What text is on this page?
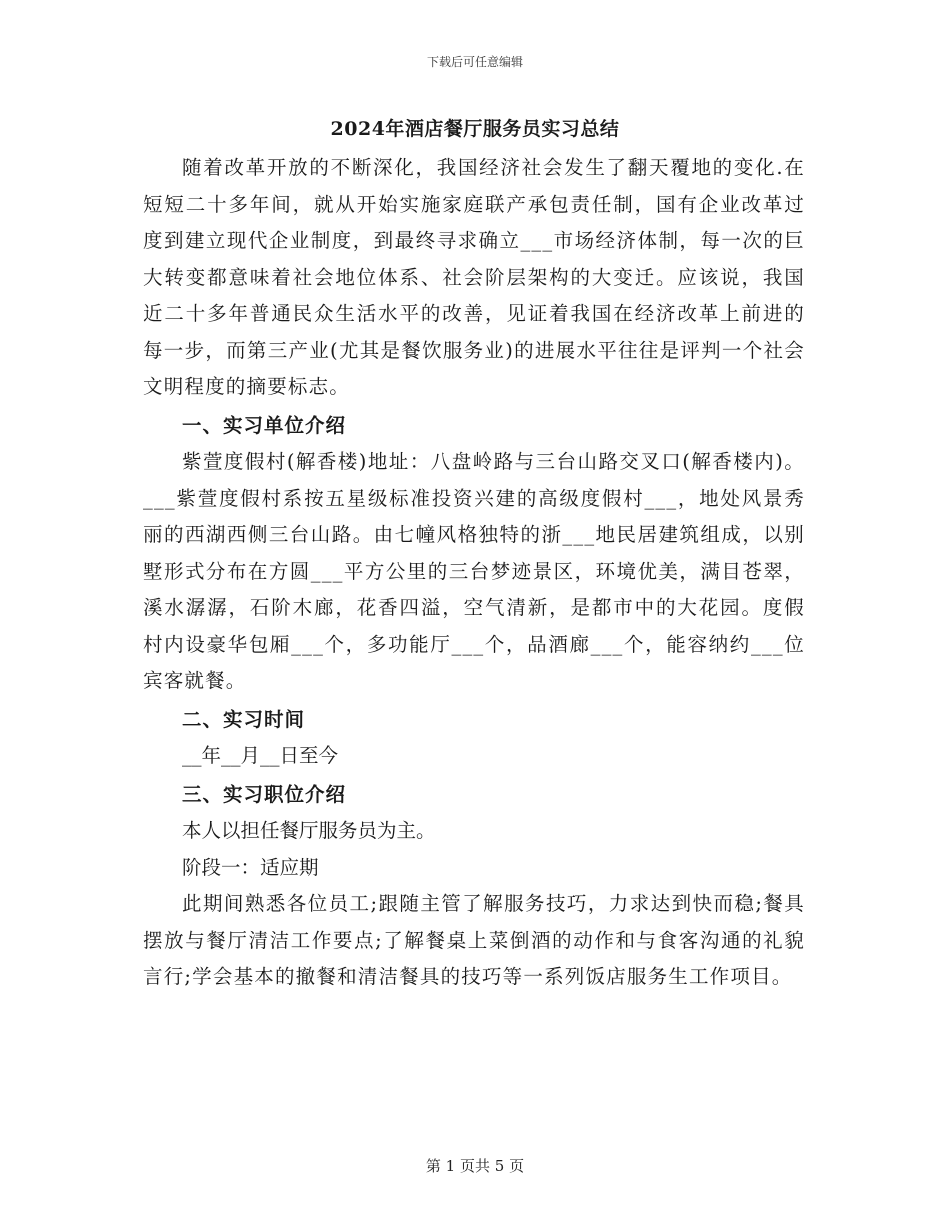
下载后可任意编辑
2024年酒店餐厅服务员实习总结

随着改革开放的不断深化，我国经济社会发生了翻天覆地的变化.在短短二十多年间，就从开始实施家庭联产承包责任制，国有企业改革过度到建立现代企业制度，到最终寻求确立___市场经济体制，每一次的巨大转变都意味着社会地位体系、社会阶层架构的大变迁。应该说，我国近二十多年普通民众生活水平的改善，见证着我国在经济改革上前进的每一步，而第三产业(尤其是餐饮服务业)的进展水平往往是评判一个社会文明程度的摘要标志。

一、实习单位介绍

紫萱度假村(解香楼)地址：八盘岭路与三台山路交叉口(解香楼内)。___紫萱度假村系按五星级标准投资兴建的高级度假村___，地处风景秀丽的西湖西侧三台山路。由七幢风格独特的浙___地民居建筑组成，以别墅形式分布在方圆___平方公里的三台梦迹景区，环境优美，满目苍翠，溪水潺潺，石阶木廊，花香四溢，空气清新，是都市中的大花园。度假村内设豪华包厢___个，多功能厅___个，品酒廊___个，能容纳约___位宾客就餐。

二、实习时间

__年__月__日至今

三、实习职位介绍

本人以担任餐厅服务员为主。

阶段一：适应期

此期间熟悉各位员工;跟随主管了解服务技巧，力求达到快而稳;餐具摆放与餐厅清洁工作要点;了解餐桌上菜倒酒的动作和与食客沟通的礼貌言行;学会基本的撤餐和清洁餐具的技巧等一系列饭店服务生工作项目。

第 1 页共 5 页
